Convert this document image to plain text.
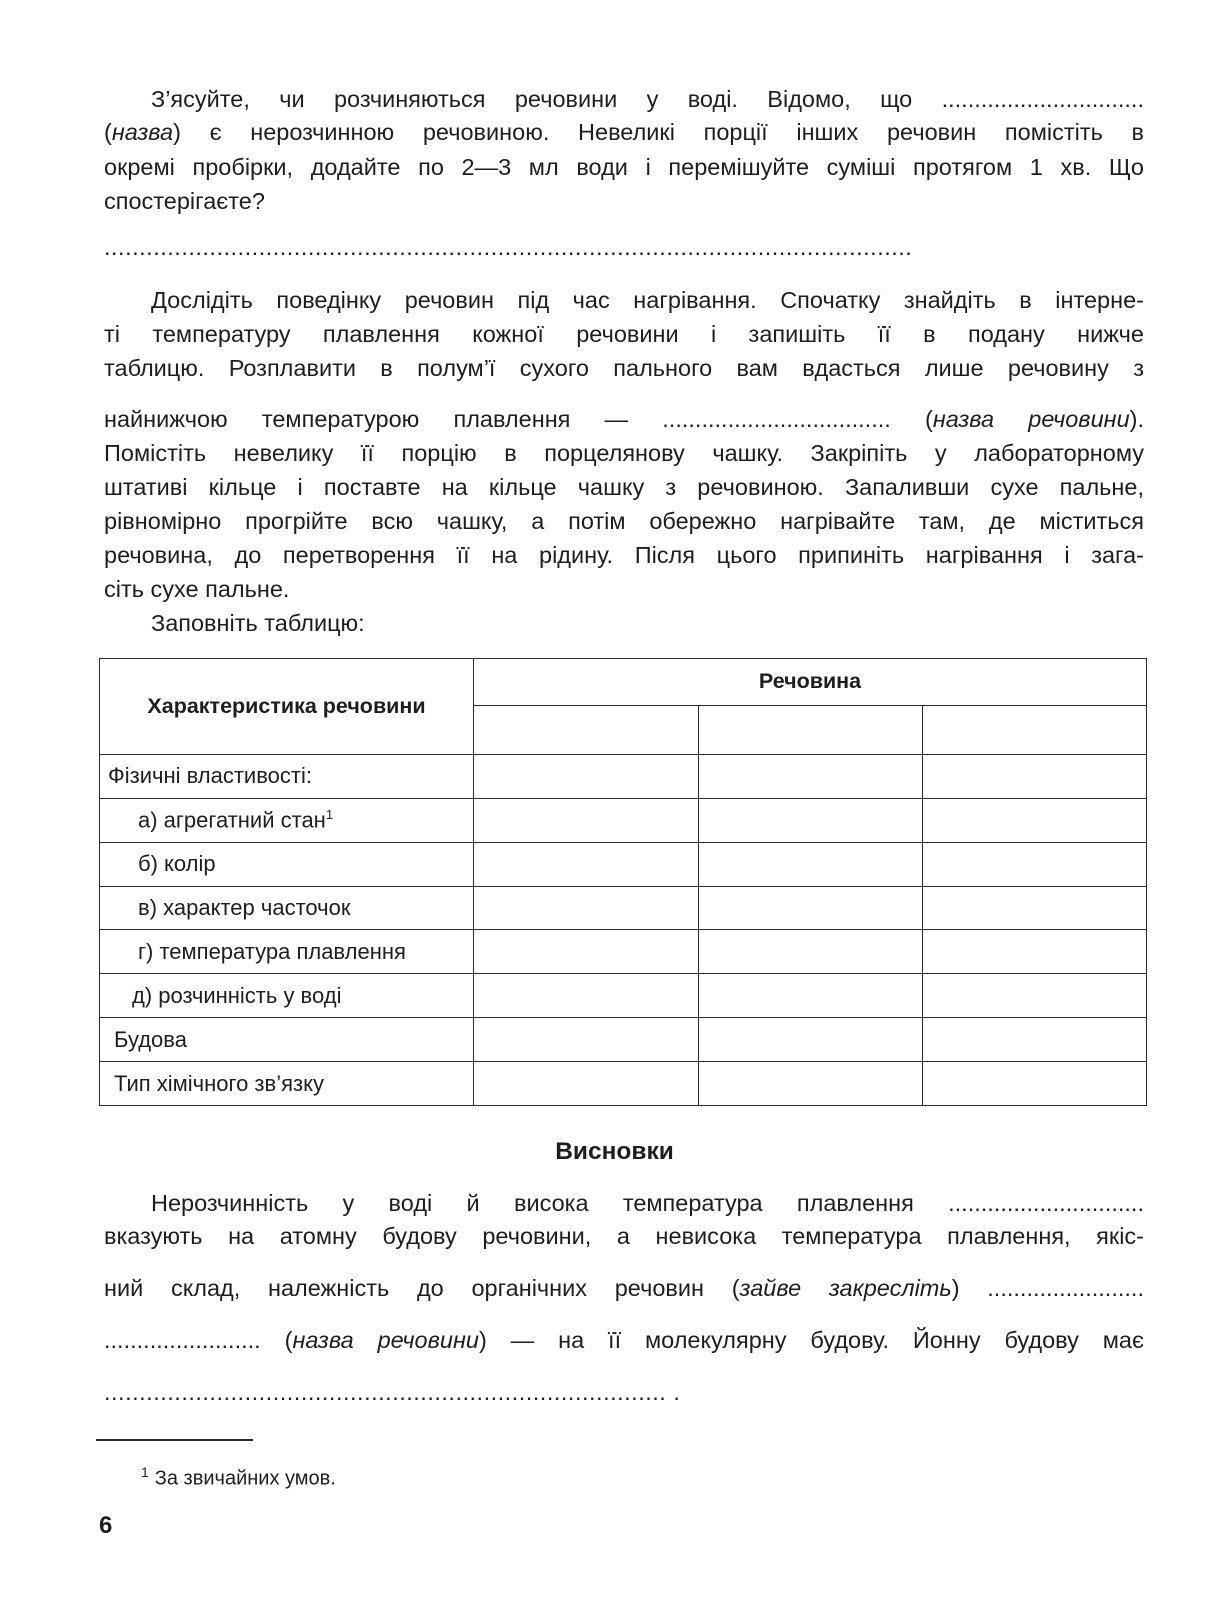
З’ясуйте, чи розчиняються речовини у воді. Відомо, що ...............................
(назва) є нерозчинною речовиною. Невеликі порції інших речовин помістіть в
окремі пробірки, додайте по 2—3 мл води і перемішуйте суміші протягом 1 хв. Що
спостерігаєте?
...................................................................................................................
Дослідіть поведінку речовин під час нагрівання. Спочатку знайдіть в інтерне-
ті температуру плавлення кожної речовини і запишіть її в подану нижче
таблицю. Розплавити в полум’ї сухого пального вам вдасться лише речовину з
найнижчою температурою плавлення — ................................... (назва речовини).
Помістіть невелику її порцію в порцелянову чашку. Закріпіть у лабораторному
штативі кільце і поставте на кільце чашку з речовиною. Запаливши сухе пальне,
рівномірно прогрійте всю чашку, а потім обережно нагрівайте там, де міститься
речовина, до перетворення її на рідину. Після цього припиніть нагрівання і зага-
сіть сухе пальне.
Заповніть таблицю:
Характеристика речовини	Речовина		

Фізичні властивості:			
а) агрегатний стан$^1$			
б) колір			
в) характер часточок			
г) температура плавлення			
д) розчинність у воді			
Будова			
Тип хімічного зв’язку			
Висновки
Нерозчинність у воді й висока температура плавлення ..............................
вказують на атомну будову речовини, а невисока температура плавлення, якіс-
ний склад, належність до органічних речовин (зайве закресліть) ........................
........................ (назва речовини) — на її молекулярну будову. Йонну будову має
................................................................................ .
$^1$ За звичайних умов.
6
